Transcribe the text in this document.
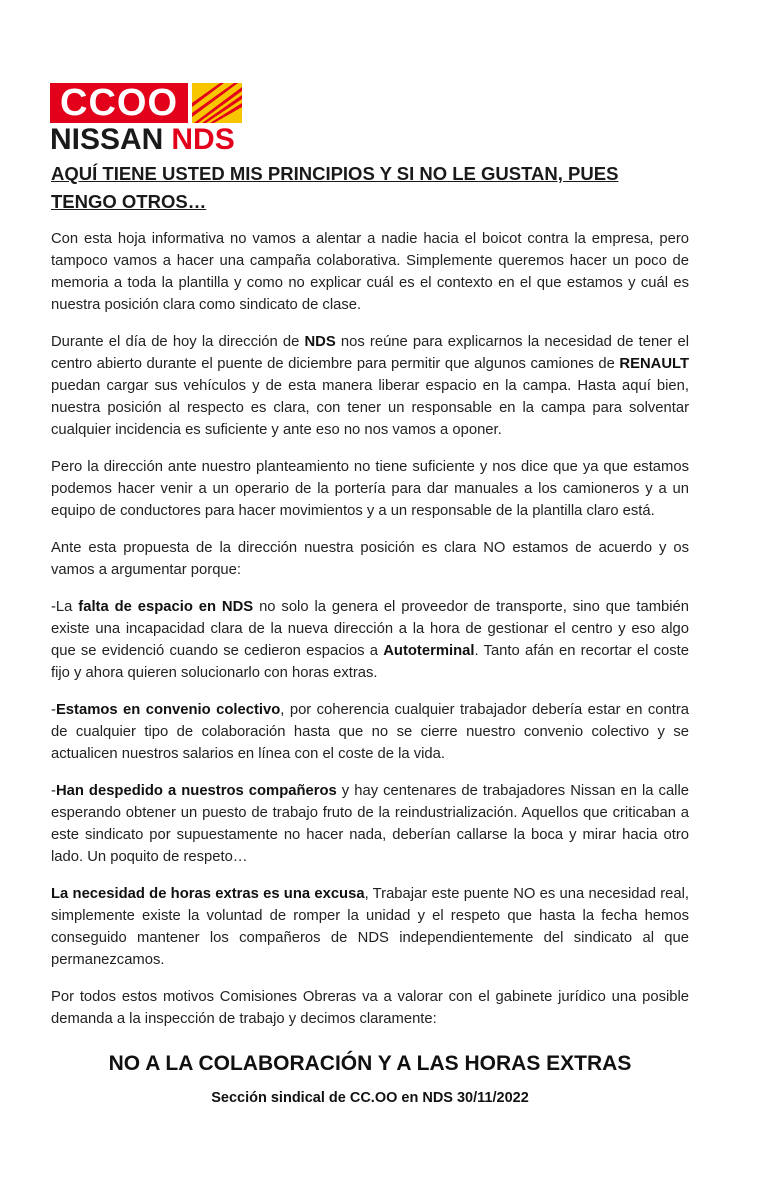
CCOO
NISSAN NDS
AQUÍ TIENE USTED MIS PRINCIPIOS Y SI NO LE GUSTAN, PUES TENGO OTROS…

Con esta hoja informativa no vamos a alentar a nadie hacia el boicot contra la empresa, pero tampoco vamos a hacer una campaña colaborativa. Simplemente queremos hacer un poco de memoria a toda la plantilla y como no explicar cuál es el contexto en el que estamos y cuál es nuestra posición clara como sindicato de clase.

Durante el día de hoy la dirección de NDS nos reúne para explicarnos la necesidad de tener el centro abierto durante el puente de diciembre para permitir que algunos camiones de RENAULT puedan cargar sus vehículos y de esta manera liberar espacio en la campa. Hasta aquí bien, nuestra posición al respecto es clara, con tener un responsable en la campa para solventar cualquier incidencia es suficiente y ante eso no nos vamos a oponer.

Pero la dirección ante nuestro planteamiento no tiene suficiente y nos dice que ya que estamos podemos hacer venir a un operario de la portería para dar manuales a los camioneros y a un equipo de conductores para hacer movimientos y a un responsable de la plantilla claro está.

Ante esta propuesta de la dirección nuestra posición es clara NO estamos de acuerdo y os vamos a argumentar porque:

-La falta de espacio en NDS no solo la genera el proveedor de transporte, sino que también existe una incapacidad clara de la nueva dirección a la hora de gestionar el centro y eso algo que se evidenció cuando se cedieron espacios a Autoterminal. Tanto afán en recortar el coste fijo y ahora quieren solucionarlo con horas extras.

-Estamos en convenio colectivo, por coherencia cualquier trabajador debería estar en contra de cualquier tipo de colaboración hasta que no se cierre nuestro convenio colectivo y se actualicen nuestros salarios en línea con el coste de la vida.

-Han despedido a nuestros compañeros y hay centenares de trabajadores Nissan en la calle esperando obtener un puesto de trabajo fruto de la reindustrialización. Aquellos que criticaban a este sindicato por supuestamente no hacer nada, deberían callarse la boca y mirar hacia otro lado. Un poquito de respeto…

La necesidad de horas extras es una excusa, Trabajar este puente NO es una necesidad real, simplemente existe la voluntad de romper la unidad y el respeto que hasta la fecha hemos conseguido mantener los compañeros de NDS independientemente del sindicato al que permanezcamos.

Por todos estos motivos Comisiones Obreras va a valorar con el gabinete jurídico una posible demanda a la inspección de trabajo y decimos claramente:

NO A LA COLABORACIÓN Y A LAS HORAS EXTRAS
Sección sindical de CC.OO en NDS 30/11/2022
